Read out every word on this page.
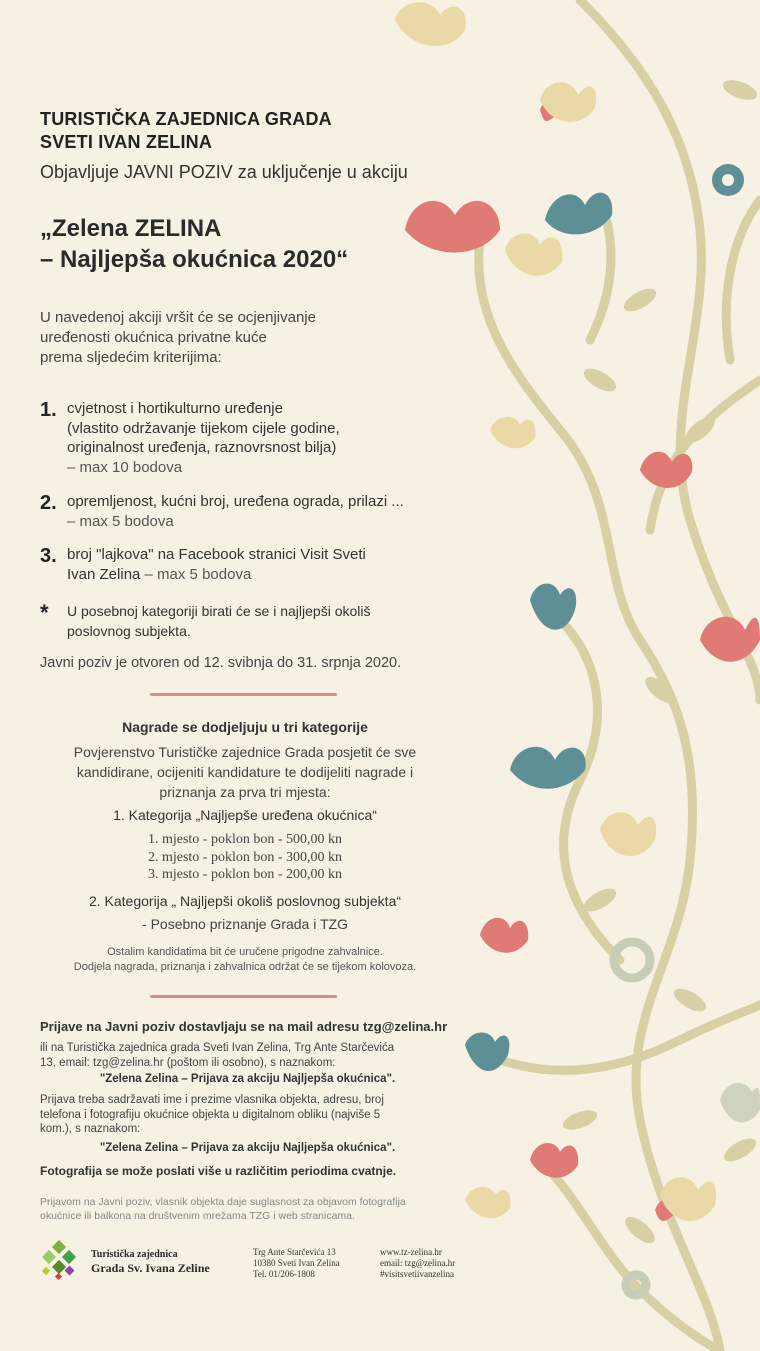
TURISTIČKA ZAJEDNICA GRADA
SVETI IVAN ZELINA
Objavljuje JAVNI POZIV za uključenje u akciju
„Zelena ZELINA
– Najljepša okućnica 2020“
U navedenoj akciji vršit će se ocjenjivanje
uređenosti okućnica privatne kuće
prema sljedećim kriterijima:
1. cvjetnost i hortikulturno uređenje
(vlastito održavanje tijekom cijele godine,
originalnost uređenja, raznovrsnost bilja)
– max 10 bodova
2. opremljenost, kućni broj, uređena ograda, prilazi ...
– max 5 bodova
3. broj "lajkova" na Facebook stranici Visit Sveti
Ivan Zelina – max 5 bodova
* U posebnoj kategoriji birati će se i najljepši okoliš
poslovnog subjekta.
Javni poziv je otvoren od 12. svibnja do 31. srpnja 2020.
Nagrade se dodjeljuju u tri kategorije
Povjerenstvo Turističke zajednice Grada posjetit će sve
kandidirane, ocijeniti kandidature te dodijeliti nagrade i
priznanja za prva tri mjesta:
1. Kategorija „Najljepše uređena okućnica“
1. mjesto - poklon bon - 500,00 kn
2. mjesto - poklon bon - 300,00 kn
3. mjesto - poklon bon - 200,00 kn
2. Kategorija „ Najljepši okoliš poslovnog subjekta“
- Posebno priznanje Grada i TZG
Ostalim kandidatima bit će uručene prigodne zahvalnice.
Dodjela nagrada, priznanja i zahvalnica održat će se tijekom kolovoza.
Prijave na Javni poziv dostavljaju se na mail adresu tzg@zelina.hr
ili na Turistička zajednica grada Sveti Ivan Zelina, Trg Ante Starčevića
13, email: tzg@zelina.hr (poštom ili osobno), s naznakom:
"Zelena Zelina – Prijava za akciju Najljepša okućnica".
Prijava treba sadržavati ime i prezime vlasnika objekta, adresu, broj
telefona i fotografiju okućnice objekta u digitalnom obliku (najviše 5
kom.), s naznakom:
"Zelena Zelina – Prijava za akciju Najljepša okućnica".
Fotografija se može poslati više u različitim periodima cvatnje.
Prijavom na Javni poziv, vlasnik objekta daje suglasnost za objavom fotografija
okućnice ili balkona na društvenim mrežama TZG i web stranicama.
Turistička zajednica
Grada Sv. Ivana Zeline
Trg Ante Starčevića 13
10380 Sveti Ivan Zelina
Tel. 01/206-1808
www.tz-zelina.hr
email: tzg@zelina.hr
#visitsvetiivanzelina
